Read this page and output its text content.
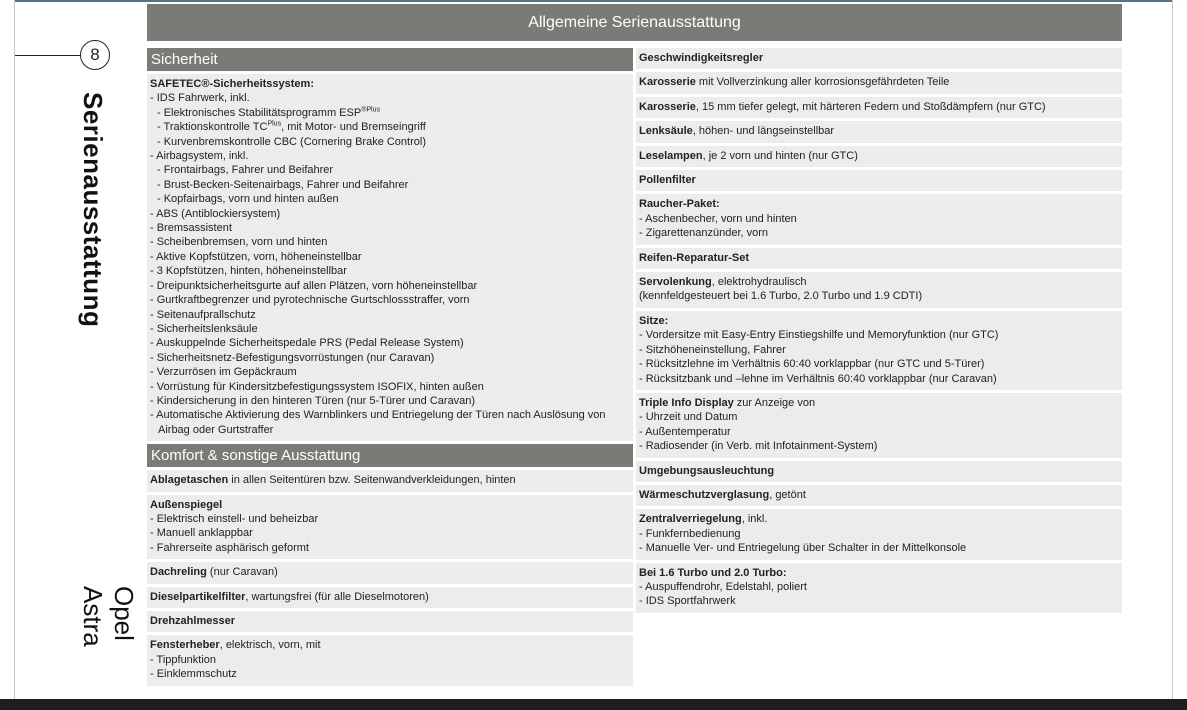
8
Serienausstattung
Opel Astra
Allgemeine Serienausstattung
Sicherheit
SAFETEC®-Sicherheitssystem:
- IDS Fahrwerk, inkl.
- Elektronisches Stabilitätsprogramm $ESP^{®Plus}$
- Traktionskontrolle $TC^{Plus}$, mit Motor- und Bremseingriff
- Kurvenbremskontrolle CBC (Cornering Brake Control)
- Airbagsystem, inkl.
- Frontairbags, Fahrer und Beifahrer
- Brust-Becken-Seitenairbags, Fahrer und Beifahrer
- Kopfairbags, vorn und hinten außen
- ABS (Antiblockiersystem)
- Bremsassistent
- Scheibenbremsen, vorn und hinten
- Aktive Kopfstützen, vorn, höheneinstellbar
- 3 Kopfstützen, hinten, höheneinstellbar
- Dreipunktsicherheitsgurte auf allen Plätzen, vorn höheneinstellbar
- Gurtkraftbegrenzer und pyrotechnische Gurtschlossstraffer, vorn
- Seitenaufprallschutz
- Sicherheitslenksäule
- Auskuppelnde Sicherheitspedale PRS (Pedal Release System)
- Sicherheitsnetz-Befestigungsvorrüstungen (nur Caravan)
- Verzurrösen im Gepäckraum
- Vorrüstung für Kindersitzbefestigungssystem ISOFIX, hinten außen
- Kindersicherung in den hinteren Türen (nur 5-Türer und Caravan)
- Automatische Aktivierung des Warnblinkers und Entriegelung der Türen nach Auslösung von Airbag oder Gurtstraffer
Komfort & sonstige Ausstattung
Ablagetaschen in allen Seitentüren bzw. Seitenwandverkleidungen, hinten
Außenspiegel
- Elektrisch einstell- und beheizbar
- Manuell anklappbar
- Fahrerseite asphärisch geformt
Dachreling (nur Caravan)
Dieselpartikelfilter, wartungsfrei (für alle Dieselmotoren)
Drehzahlmesser
Fensterheber, elektrisch, vorn, mit
- Tippfunktion
- Einklemmschutz
Geschwindigkeitsregler
Karosserie mit Vollverzinkung aller korrosionsgefährdeten Teile
Karosserie, 15 mm tiefer gelegt, mit härteren Federn und Stoßdämpfern (nur GTC)
Lenksäule, höhen- und längseinstellbar
Leselampen, je 2 vorn und hinten (nur GTC)
Pollenfilter
Raucher-Paket:
- Aschenbecher, vorn und hinten
- Zigarettenanzünder, vorn
Reifen-Reparatur-Set
Servolenkung, elektrohydraulisch
(kennfeldgesteuert bei 1.6 Turbo, 2.0 Turbo und 1.9 CDTI)
Sitze:
- Vordersitze mit Easy-Entry Einstiegshilfe und Memoryfunktion (nur GTC)
- Sitzhöheneinstellung, Fahrer
- Rücksitzlehne im Verhältnis 60:40 vorklappbar (nur GTC und 5-Türer)
- Rücksitzbank und –lehne im Verhältnis 60:40 vorklappbar (nur Caravan)
Triple Info Display zur Anzeige von
- Uhrzeit und Datum
- Außentemperatur
- Radiosender (in Verb. mit Infotainment-System)
Umgebungsausleuchtung
Wärmeschutzverglasung, getönt
Zentralverriegelung, inkl.
- Funkfernbedienung
- Manuelle Ver- und Entriegelung über Schalter in der Mittelkonsole
Bei 1.6 Turbo und 2.0 Turbo:
- Auspuffendrohr, Edelstahl, poliert
- IDS Sportfahrwerk
